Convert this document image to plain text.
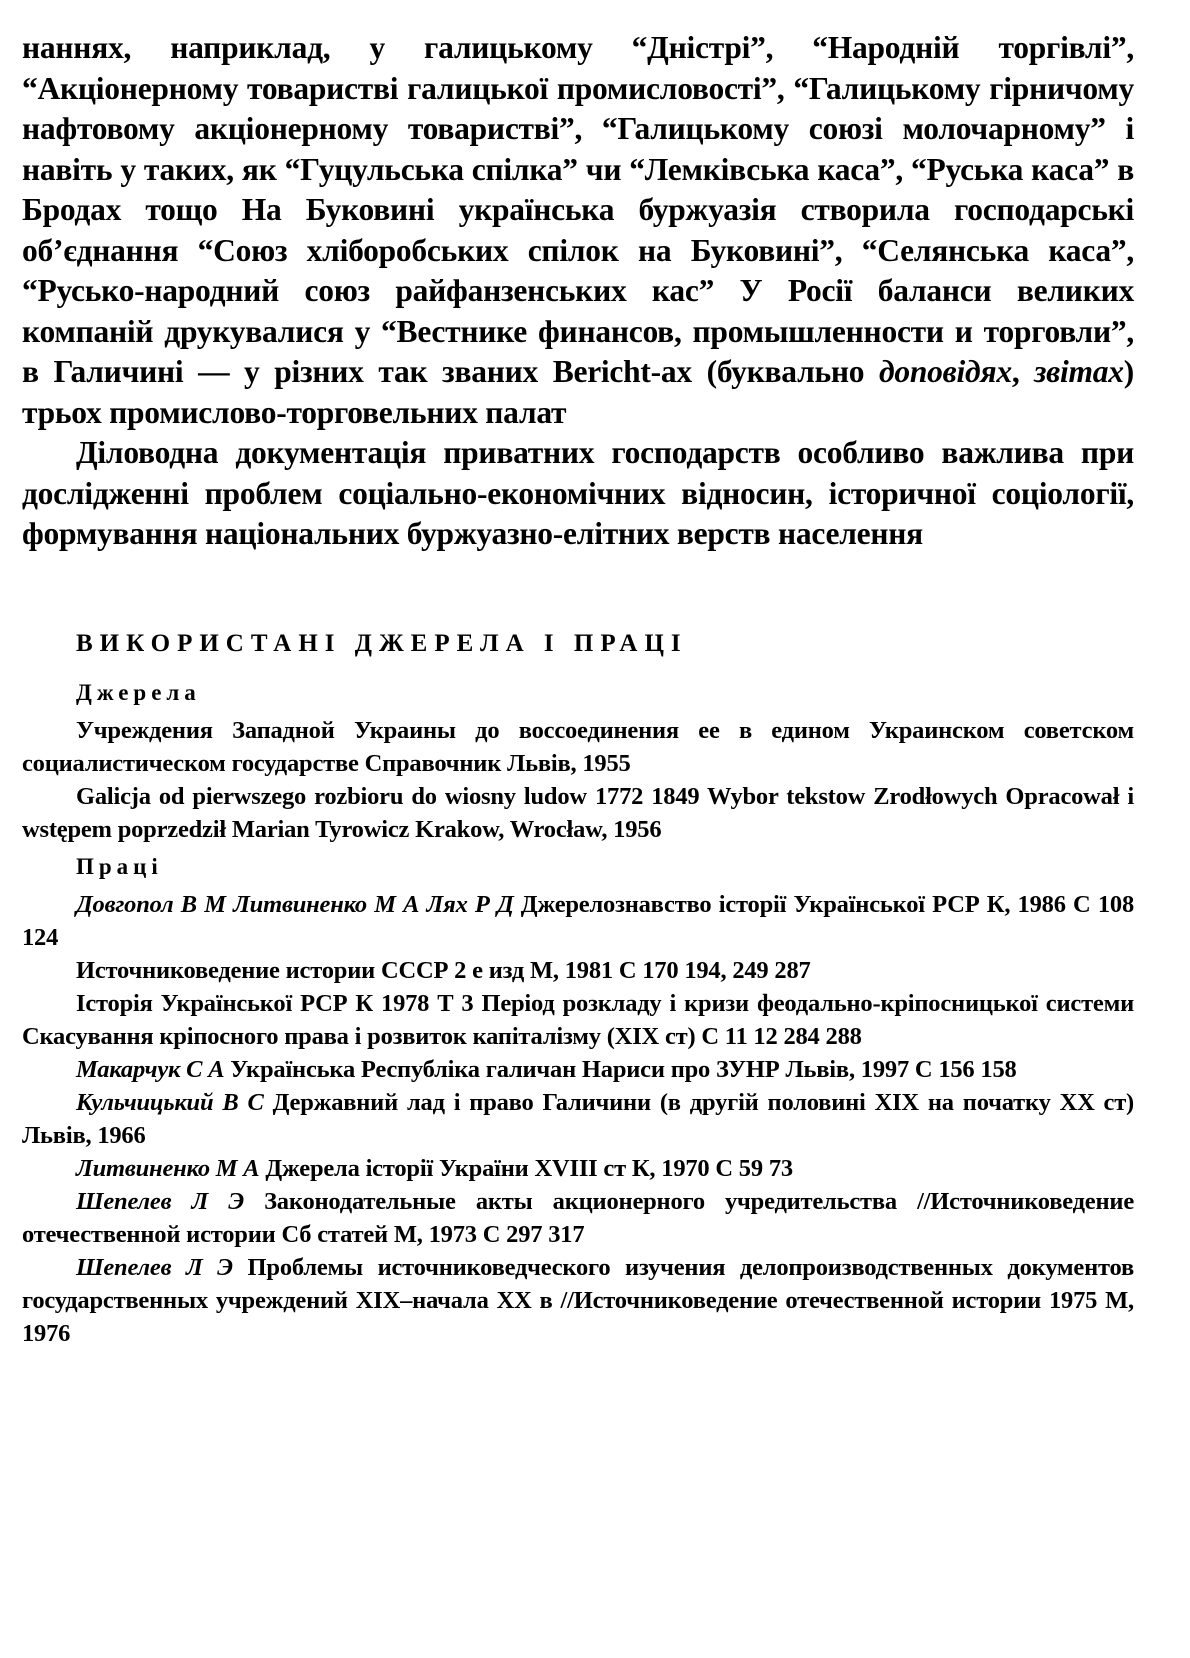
наннях, наприклад, у галицькому “Дністрі”, “Народній торгівлі”, “Акціонерному товаристві галицької промисловості”, “Галицькому гірничому нафтовому акціонерному товаристві”, “Галицькому союзі молочарному” і навіть у таких, як “Гуцульська спілка” чи “Лемківська каса”, “Руська каса” в Бродах тощо На Буковині українська буржуазія створила господарські об’єднання “Союз хліборобських спілок на Буковині”, “Селянська каса”, “Русько-народний союз райфанзенських кас” У Росії баланси великих компаній друкувалися у “Вестнике финансов, промышленности и торговли”, в Галичині — у різних так званих Bericht-ах (буквально доповідях, звітах) трьох промислово-торговельних палат

Діловодна документація приватних господарств особливо важлива при дослідженні проблем соціально-економічних відносин, історичної соціології, формування національних буржуазно-елітних верств населення

ВИКОРИСТАНІ ДЖЕРЕЛА І ПРАЦІ
Джерела

Учреждения Западной Украины до воссоединения ее в едином Украинском советском социалистическом государстве Справочник Львів, 1955

Galicja od pierwszego rozbioru do wiosny ludow 1772 1849 Wybor tekstow Zrodłowych Opracował i wstępem poprzedził Marian Tyrowicz Krakow, Wrocław, 1956

Праці

Довгопол В М Литвиненко М А Лях Р Д Джерелознавство історії Української РСР К, 1986 С 108 124

Источниковедение истории СССР 2 е изд М, 1981 С 170 194, 249 287

Історія Української РСР К 1978 Т 3 Період розкладу і кризи феодально-кріпосницької системи Скасування кріпосного права і розвиток капіталізму (XIX ст) С 11 12 284 288

Макарчук С А Українська Республіка галичан Нариси про ЗУНР Львів, 1997 С 156 158

Кульчицький В С Державний лад і право Галичини (в другій половині XIX на початку XX ст) Львів, 1966

Литвиненко М А Джерела історії України XVIII ст К, 1970 С 59 73

Шепелев Л Э Законодательные акты акционерного учредительства //Источниковедение отечественной истории Сб статей М, 1973 С 297 317

Шепелев Л Э Проблемы источниковедческого изучения делопроизводственных документов государственных учреждений XIX–начала XX в //Источниковедение отечественной истории 1975 М, 1976
